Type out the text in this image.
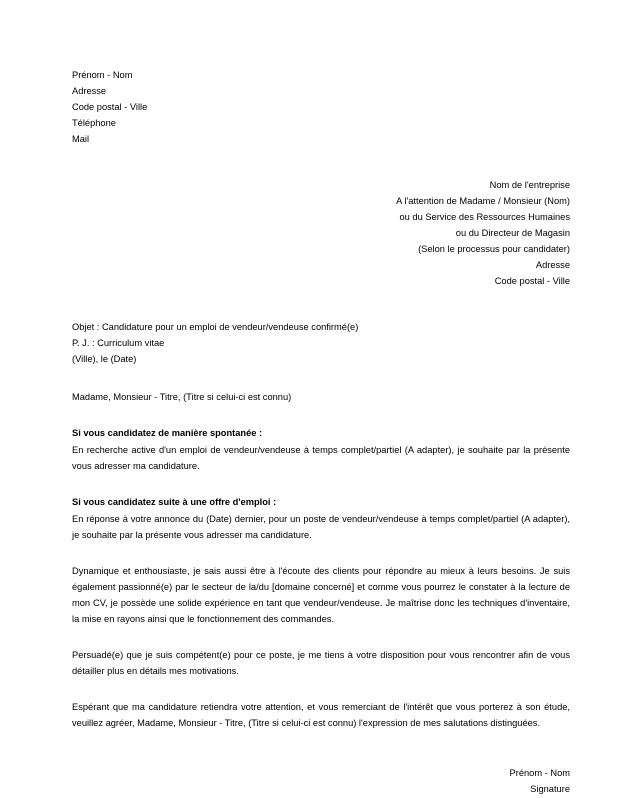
Prénom - Nom
Adresse
Code postal - Ville
Téléphone
Mail
Nom de l'entreprise
A l'attention de Madame / Monsieur (Nom)
ou du Service des Ressources Humaines
ou du Directeur de Magasin
(Selon le processus pour candidater)
Adresse
Code postal - Ville
Objet : Candidature pour un emploi de vendeur/vendeuse confirmé(e)
P. J. : Curriculum vitae
(Ville), le (Date)
Madame, Monsieur - Titre, (Titre si celui-ci est connu)
Si vous candidatez de manière spontanée :
En recherche active d'un emploi de vendeur/vendeuse à temps complet/partiel (A adapter), je souhaite par la présente vous adresser ma candidature.
Si vous candidatez suite à une offre d'emploi :
En réponse à votre annonce du (Date) dernier, pour un poste de vendeur/vendeuse à temps complet/partiel (A adapter), je souhaite par la présente vous adresser ma candidature.
Dynamique et enthousiaste, je sais aussi être à l'écoute des clients pour répondre au mieux à leurs besoins. Je suis également passionné(e) par le secteur de la/du [domaine concerné] et comme vous pourrez le constater à la lecture de mon CV, je possède une solide expérience en tant que vendeur/vendeuse. Je maîtrise donc les techniques d'inventaire, la mise en rayons ainsi que le fonctionnement des commandes.
Persuadé(e) que je suis compétent(e) pour ce poste, je me tiens à votre disposition pour vous rencontrer afin de vous détailler plus en détails mes motivations.
Espérant que ma candidature retiendra votre attention, et vous remerciant de l'intérêt que vous porterez à son étude, veuillez agréer, Madame, Monsieur - Titre, (Titre si celui-ci est connu) l'expression de mes salutations distinguées.
Prénom - Nom
Signature
